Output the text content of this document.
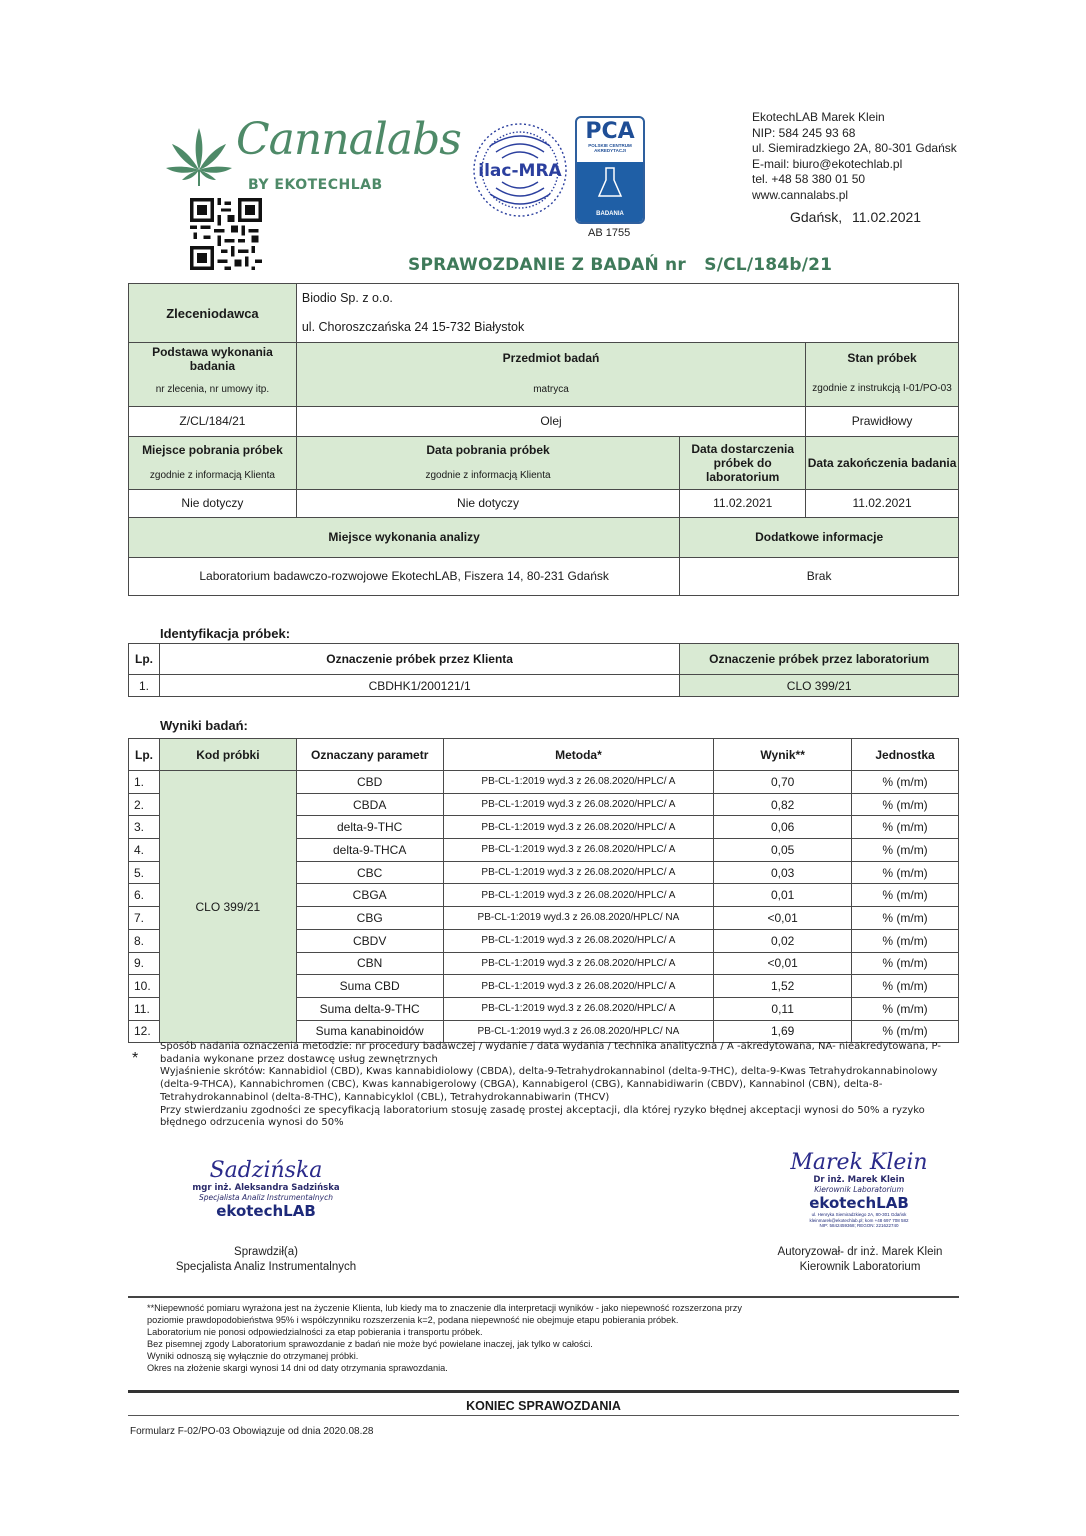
Cannalabs
BY EKOTECHLAB
ilac-MRA
PCA
POLSKIE CENTRUM AKREDYTACJI
BADANIA
AB 1755
EkotechLAB Marek Klein
NIP: 584 245 93 68
ul. Siemiradzkiego 2A, 80-301 Gdańsk
E-mail: biuro@ekotechlab.pl
tel. +48 58 380 01 50
www.cannalabs.pl
Gdańsk, 11.02.2021
SPRAWOZDANIE Z BADAŃ nr   S/CL/184b/21
Zleceniodawca	Biodio Sp. z o.o.		
	ul. Choroszczańska 24 15-732 Białystok		
Podstawa wykonania badania	Przedmiot badań		Stan próbek
nr zlecenia, nr umowy itp.	matryca		zgodnie z instrukcją I-01/PO-03
Z/CL/184/21	Olej		Prawidłowy
Miejsce pobrania próbek	Data pobrania próbek	Data dostarczenia próbek do laboratorium	Data zakończenia badania
zgodnie z informacją Klienta	zgodnie z informacją Klienta		
Nie dotyczy	Nie dotyczy	11.02.2021	11.02.2021
Miejsce wykonania analizy		Dodatkowe informacje	
Laboratorium badawczo-rozwojowe EkotechLAB, Fiszera 14, 80-231 Gdańsk		Brak	
Identyfikacja próbek:
Lp.	Oznaczenie próbek przez Klienta	Oznaczenie próbek przez laboratorium
1.	CBDHK1/200121/1	CLO 399/21
Wyniki badań:
Lp.	Kod próbki	Oznaczany parametr	Metoda*	Wynik**	Jednostka
1.	CLO 399/21	CBD	PB-CL-1:2019 wyd.3 z 26.08.2020/HPLC/ A	0,70	% (m/m)
2.		CBDA	PB-CL-1:2019 wyd.3 z 26.08.2020/HPLC/ A	0,82	% (m/m)
3.		delta-9-THC	PB-CL-1:2019 wyd.3 z 26.08.2020/HPLC/ A	0,06	% (m/m)
4.		delta-9-THCA	PB-CL-1:2019 wyd.3 z 26.08.2020/HPLC/ A	0,05	% (m/m)
5.		CBC	PB-CL-1:2019 wyd.3 z 26.08.2020/HPLC/ A	0,03	% (m/m)
6.		CBGA	PB-CL-1:2019 wyd.3 z 26.08.2020/HPLC/ A	0,01	% (m/m)
7.		CBG	PB-CL-1:2019 wyd.3 z 26.08.2020/HPLC/ NA	<0,01	% (m/m)
8.		CBDV	PB-CL-1:2019 wyd.3 z 26.08.2020/HPLC/ A	0,02	% (m/m)
9.		CBN	PB-CL-1:2019 wyd.3 z 26.08.2020/HPLC/ A	<0,01	% (m/m)
10.		Suma CBD	PB-CL-1:2019 wyd.3 z 26.08.2020/HPLC/ A	1,52	% (m/m)
11.		Suma delta-9-THC	PB-CL-1:2019 wyd.3 z 26.08.2020/HPLC/ A	0,11	% (m/m)
12.		Suma kanabinoidów	PB-CL-1:2019 wyd.3 z 26.08.2020/HPLC/ NA	1,69	% (m/m)
*

Sposób nadania oznaczenia metodzie: nr procedury badawczej / wydanie / data wydania / technika analityczna / A -akredytowana, NA- nieakredytowana, P-badania wykonane przez dostawcę usług zewnętrznych

Wyjaśnienie skrótów: Kannabidiol (CBD), Kwas kannabidiolowy (CBDA), delta-9-Tetrahydrokannabinol (delta-9-THC), delta-9-Kwas Tetrahydrokannabinolowy (delta-9-THCA), Kannabichromen (CBC), Kwas kannabigerolowy (CBGA), Kannabigerol (CBG), Kannabidiwarin (CBDV), Kannabinol (CBN), delta-8-Tetrahydrokannabinol (delta-8-THC), Kannabicyklol (CBL), Tetrahydrokannabiwarin (THCV)

Przy stwierdzaniu zgodności ze specyfikacją laboratorium stosuję zasadę prostej akceptacji, dla której ryzyko błędnej akceptacji wynosi do 50% a ryzyko błędnego odrzucenia wynosi do 50%

Sadzińska
mgr inż. Aleksandra Sadzińska
Specjalista Analiz Instrumentalnych
ekotechLAB
Sprawdził(a)
Specjalista Analiz Instrumentalnych
Marek Klein
Dr inż. Marek Klein
Kierownik Laboratorium
ekotechLAB
ul. Henryka Siemiradzkiego 2A, 80-301 Gdańsk
kleinmarek@ekotechlab.pl; kom +48 697 708 582
NIP: 5842459368; REGON: 221622740
Autoryzował- dr inż. Marek Klein
Kierownik Laboratorium
**Niepewność pomiaru wyrażona jest na życzenie Klienta, lub kiedy ma to znaczenie dla interpretacji wyników - jako niepewność rozszerzona przy
poziomie prawdopodobieństwa 95% i współczynniku rozszerzenia k=2, podana niepewność nie obejmuje etapu pobierania próbek.
Laboratorium nie ponosi odpowiedzialności za etap pobierania i transportu próbek.
Bez pisemnej zgody Laboratorium sprawozdanie z badań nie może być powielane inaczej, jak tylko w całości.
Wyniki odnoszą się wyłącznie do otrzymanej próbki.
Okres na złożenie skargi wynosi 14 dni od daty otrzymania sprawozdania.
KONIEC SPRAWOZDANIA
Formularz F-02/PO-03 Obowiązuje od dnia 2020.08.28
